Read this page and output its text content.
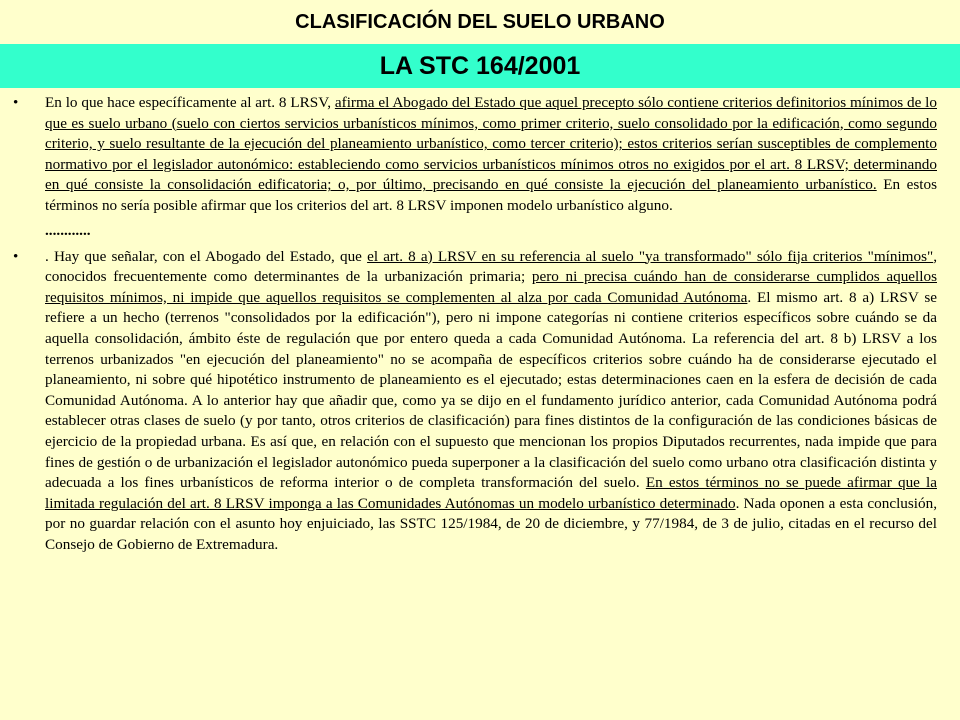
CLASIFICACIÓN DEL SUELO URBANO
LA STC 164/2001
• En lo que hace específicamente al art. 8 LRSV, afirma el Abogado del Estado que aquel precepto sólo contiene criterios definitorios mínimos de lo que es suelo urbano (suelo con ciertos servicios urbanísticos mínimos, como primer criterio, suelo consolidado por la edificación, como segundo criterio, y suelo resultante de la ejecución del planeamiento urbanístico, como tercer criterio); estos criterios serían susceptibles de complemento normativo por el legislador autonómico: estableciendo como servicios urbanísticos mínimos otros no exigidos por el art. 8 LRSV; determinando en qué consiste la consolidación edificatoria; o, por último, precisando en qué consiste la ejecución del planeamiento urbanístico. En estos términos no sería posible afirmar que los criterios del art. 8 LRSV imponen modelo urbanístico alguno.
............
• . Hay que señalar, con el Abogado del Estado, que el art. 8 a) LRSV en su referencia al suelo "ya transformado" sólo fija criterios "mínimos", conocidos frecuentemente como determinantes de la urbanización primaria; pero ni precisa cuándo han de considerarse cumplidos aquellos requisitos mínimos, ni impide que aquellos requisitos se complementen al alza por cada Comunidad Autónoma. El mismo art. 8 a) LRSV se refiere a un hecho (terrenos "consolidados por la edificación"), pero ni impone categorías ni contiene criterios específicos sobre cuándo se da aquella consolidación, ámbito éste de regulación que por entero queda a cada Comunidad Autónoma. La referencia del art. 8 b) LRSV a los terrenos urbanizados "en ejecución del planeamiento" no se acompaña de específicos criterios sobre cuándo ha de considerarse ejecutado el planeamiento, ni sobre qué hipotético instrumento de planeamiento es el ejecutado; estas determinaciones caen en la esfera de decisión de cada Comunidad Autónoma. A lo anterior hay que añadir que, como ya se dijo en el fundamento jurídico anterior, cada Comunidad Autónoma podrá establecer otras clases de suelo (y por tanto, otros criterios de clasificación) para fines distintos de la configuración de las condiciones básicas de ejercicio de la propiedad urbana. Es así que, en relación con el supuesto que mencionan los propios Diputados recurrentes, nada impide que para fines de gestión o de urbanización el legislador autonómico pueda superponer a la clasificación del suelo como urbano otra clasificación distinta y adecuada a los fines urbanísticos de reforma interior o de completa transformación del suelo. En estos términos no se puede afirmar que la limitada regulación del art. 8 LRSV imponga a las Comunidades Autónomas un modelo urbanístico determinado. Nada oponen a esta conclusión, por no guardar relación con el asunto hoy enjuiciado, las SSTC 125/1984, de 20 de diciembre, y 77/1984, de 3 de julio, citadas en el recurso del Consejo de Gobierno de Extremadura.
